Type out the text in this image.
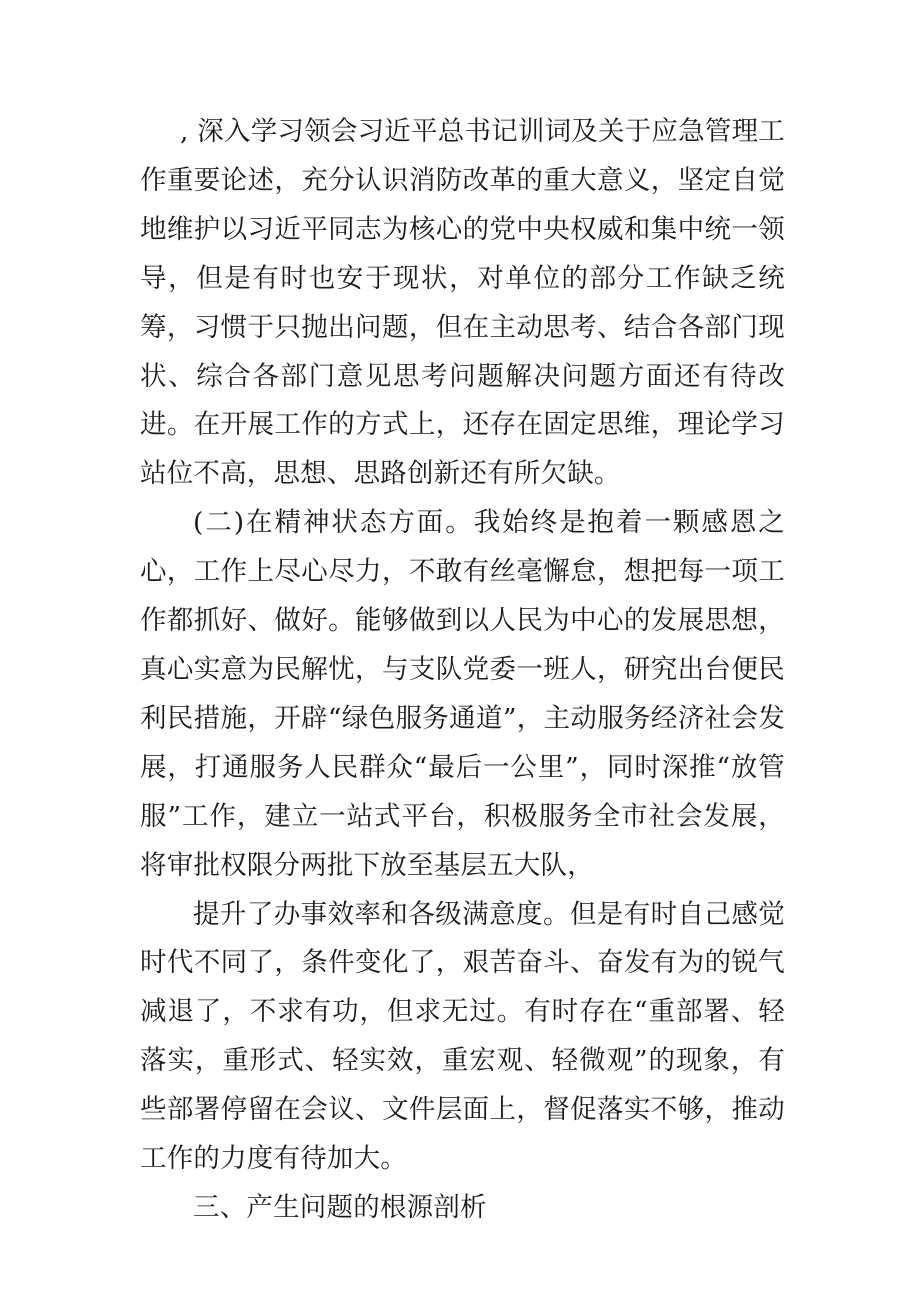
, 深入学习领会习近平总书记训词及关于应急管理工作重要论述，充分认识消防改革的重大意义，坚定自觉地维护以习近平同志为核心的党中央权威和集中统一领导，但是有时也安于现状，对单位的部分工作缺乏统筹，习惯于只抛出问题，但在主动思考、结合各部门现状、综合各部门意见思考问题解决问题方面还有待改进。在开展工作的方式上，还存在固定思维，理论学习站位不高，思想、思路创新还有所欠缺。

(二)在精神状态方面。我始终是抱着一颗感恩之心，工作上尽心尽力，不敢有丝毫懈怠，想把每一项工作都抓好、做好。能够做到以人民为中心的发展思想，真心实意为民解忧，与支队党委一班人，研究出台便民利民措施，开辟“绿色服务通道”，主动服务经济社会发展，打通服务人民群众“最后一公里”，同时深推“放管服”工作，建立一站式平台，积极服务全市社会发展，将审批权限分两批下放至基层五大队，

提升了办事效率和各级满意度。但是有时自己感觉时代不同了，条件变化了，艰苦奋斗、奋发有为的锐气减退了，不求有功，但求无过。有时存在“重部署、轻落实，重形式、轻实效，重宏观、轻微观”的现象，有些部署停留在会议、文件层面上，督促落实不够，推动工作的力度有待加大。

三、产生问题的根源剖析
